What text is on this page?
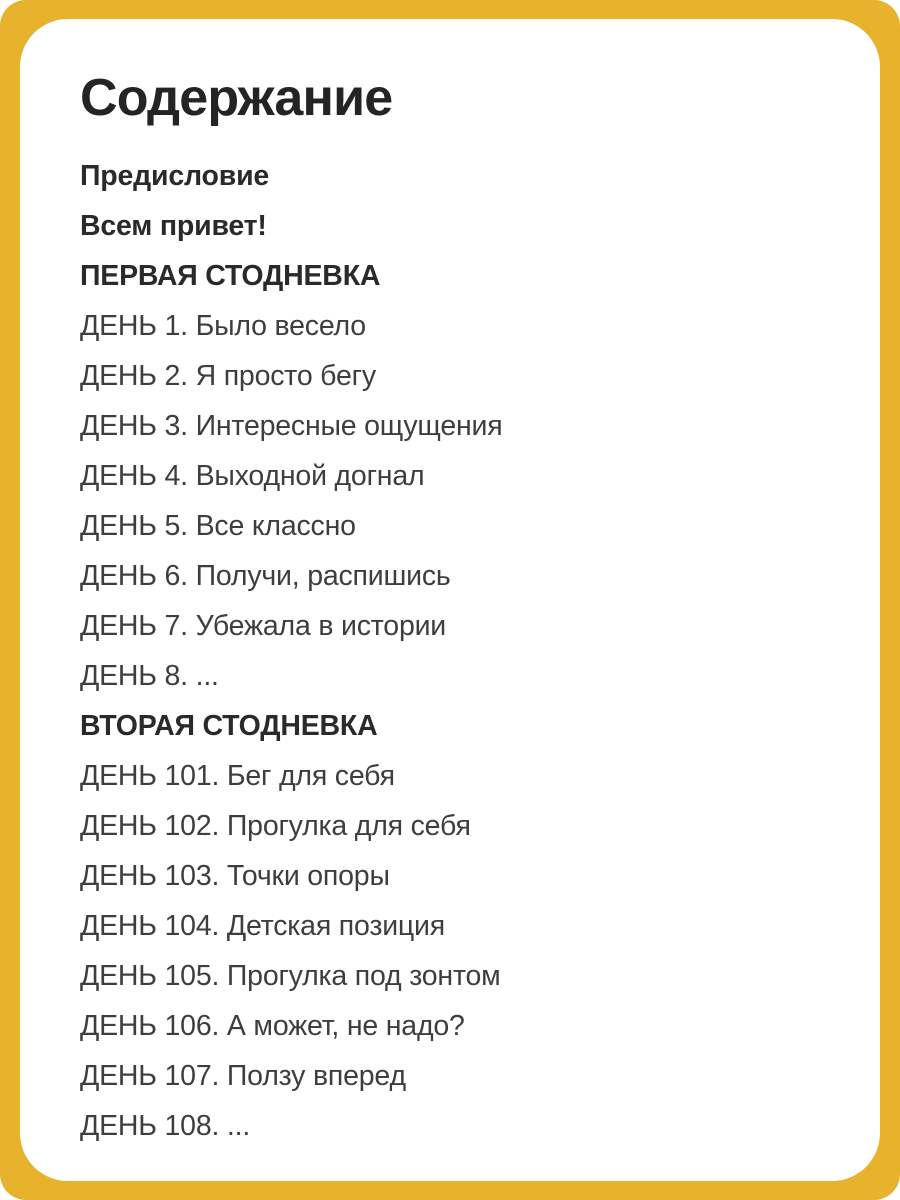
Содержание
Предисловие
Всем привет!
ПЕРВАЯ СТОДНЕВКА
ДЕНЬ 1. Было весело
ДЕНЬ 2. Я просто бегу
ДЕНЬ 3. Интересные ощущения
ДЕНЬ 4. Выходной догнал
ДЕНЬ 5. Все классно
ДЕНЬ 6. Получи, распишись
ДЕНЬ 7. Убежала в истории
ДЕНЬ 8. ...
ВТОРАЯ СТОДНЕВКА
ДЕНЬ 101. Бег для себя
ДЕНЬ 102. Прогулка для себя
ДЕНЬ 103. Точки опоры
ДЕНЬ 104. Детская позиция
ДЕНЬ 105. Прогулка под зонтом
ДЕНЬ 106. А может, не надо?
ДЕНЬ 107. Ползу вперед
ДЕНЬ 108. ...
